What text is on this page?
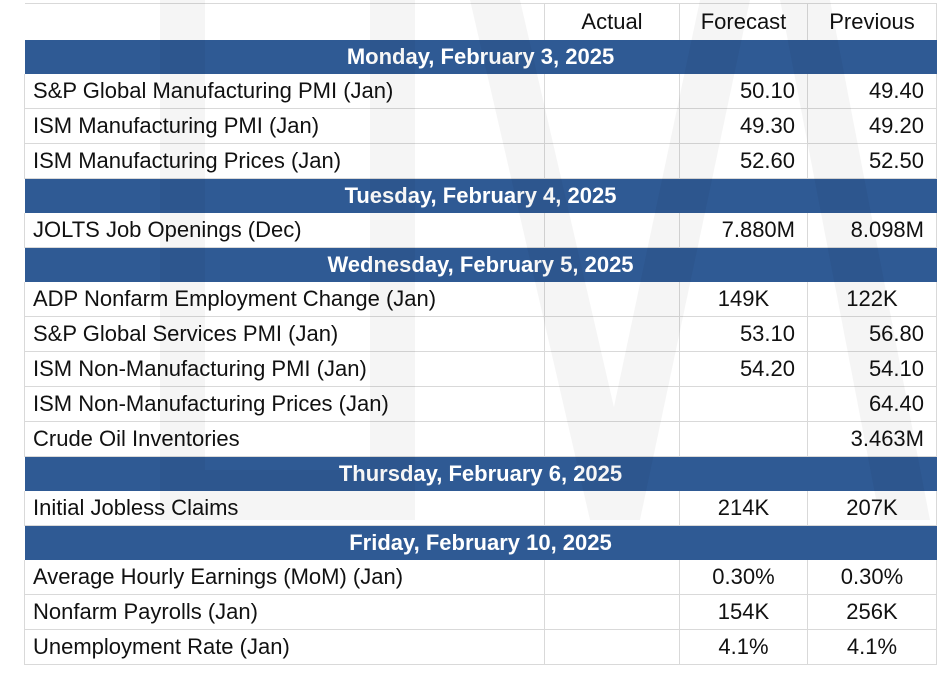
	Actual	Forecast	Previous
Monday, February 3, 2025			
S&P Global Manufacturing PMI (Jan)		50.10	49.40
ISM Manufacturing PMI (Jan)		49.30	49.20
ISM Manufacturing Prices (Jan)		52.60	52.50
Tuesday, February 4, 2025			
JOLTS Job Openings (Dec)		7.880M	8.098M
Wednesday, February 5, 2025			
ADP Nonfarm Employment Change (Jan)		149K	122K
S&P Global Services PMI (Jan)		53.10	56.80
ISM Non-Manufacturing PMI (Jan)		54.20	54.10
ISM Non-Manufacturing Prices (Jan)			64.40
Crude Oil Inventories			3.463M
Thursday, February 6, 2025			
Initial Jobless Claims		214K	207K
Friday, February 10, 2025			
Average Hourly Earnings (MoM) (Jan)		0.30%	0.30%
Nonfarm Payrolls (Jan)		154K	256K
Unemployment Rate (Jan)		4.1%	4.1%
